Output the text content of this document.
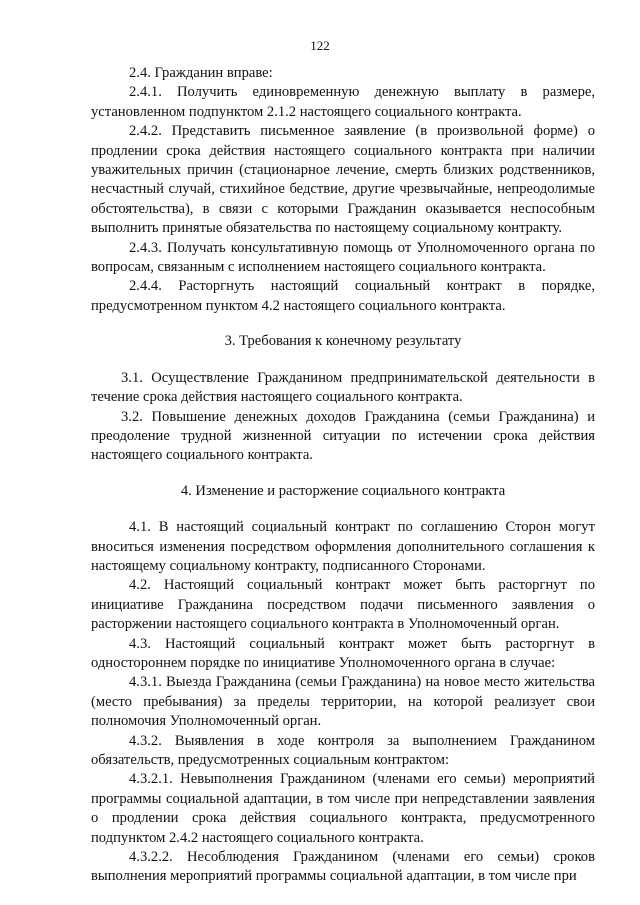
122

2.4. Гражданин вправе:

2.4.1. Получить единовременную денежную выплату в размере, установленном подпунктом 2.1.2 настоящего социального контракта.

2.4.2. Представить письменное заявление (в произвольной форме) о продлении срока действия настоящего социального контракта при наличии уважительных причин (стационарное лечение, смерть близких родственников, несчастный случай, стихийное бедствие, другие чрезвычайные, непреодолимые обстоятельства), в связи с которыми Гражданин оказывается неспособным выполнить принятые обязательства по настоящему социальному контракту.

2.4.3. Получать консультативную помощь от Уполномоченного органа по вопросам, связанным с исполнением настоящего социального контракта.

2.4.4. Расторгнуть настоящий социальный контракт в порядке, предусмотренном пунктом 4.2 настоящего социального контракта.

3. Требования к конечному результату

3.1. Осуществление Гражданином предпринимательской деятельности в течение срока действия настоящего социального контракта.

3.2. Повышение денежных доходов Гражданина (семьи Гражданина) и преодоление трудной жизненной ситуации по истечении срока действия настоящего социального контракта.

4. Изменение и расторжение социального контракта

4.1. В настоящий социальный контракт по соглашению Сторон могут вноситься изменения посредством оформления дополнительного соглашения к настоящему социальному контракту, подписанного Сторонами.

4.2. Настоящий социальный контракт может быть расторгнут по инициативе Гражданина посредством подачи письменного заявления о расторжении настоящего социального контракта в Уполномоченный орган.

4.3. Настоящий социальный контракт может быть расторгнут в одностороннем порядке по инициативе Уполномоченного органа в случае:

4.3.1. Выезда Гражданина (семьи Гражданина) на новое место жительства (место пребывания) за пределы территории, на которой реализует свои полномочия Уполномоченный орган.

4.3.2. Выявления в ходе контроля за выполнением Гражданином обязательств, предусмотренных социальным контрактом:

4.3.2.1. Невыполнения Гражданином (членами его семьи) мероприятий программы социальной адаптации, в том числе при непредставлении заявления о продлении срока действия социального контракта, предусмотренного подпунктом 2.4.2 настоящего социального контракта.

4.3.2.2. Несоблюдения Гражданином (членами его семьи) сроков выполнения мероприятий программы социальной адаптации, в том числе при
